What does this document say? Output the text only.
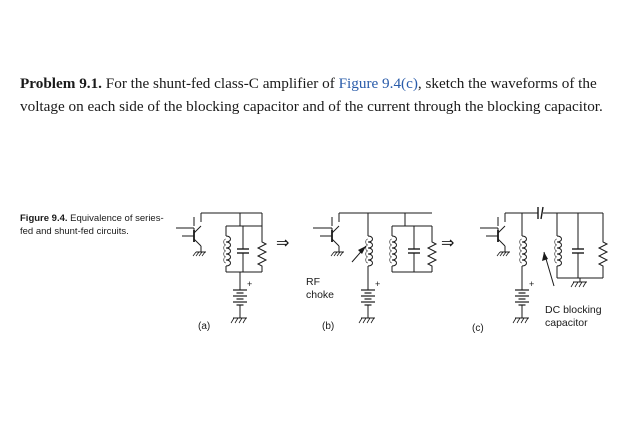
Problem 9.1. For the shunt-fed class-C amplifier of Figure 9.4(c), sketch the waveforms of the voltage on each side of the blocking capacitor and of the current through the blocking capacitor.

Figure 9.4. Equivalence of series-fed and shunt-fed circuits.
+
(a)
⇒
+
RF
choke
(b)
⇒
+
DC blocking
capacitor
(c)
